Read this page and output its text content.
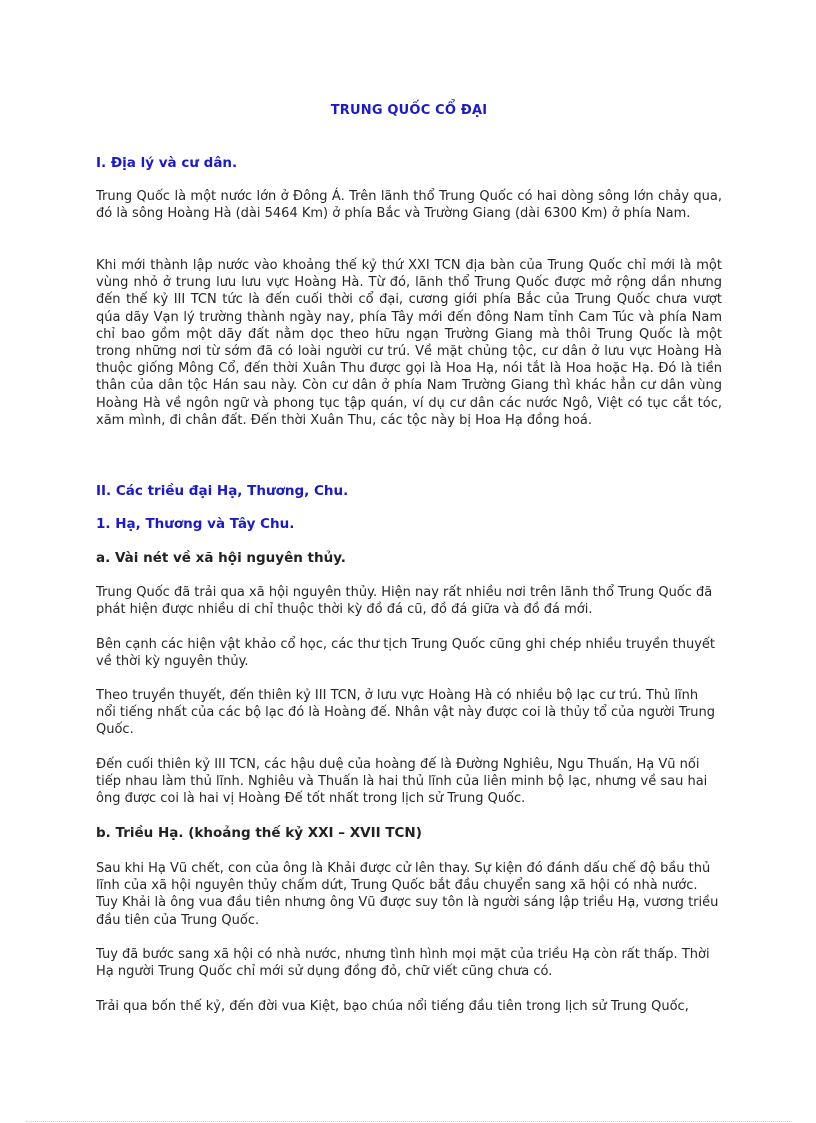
TRUNG QUỐC CỔ ĐẠI
I. Địa lý và cư dân.

Trung Quốc là một nước lớn ở Đông Á. Trên lãnh thổ Trung Quốc có hai dòng sông lớn chảy qua, đó là sông Hoàng Hà (dài 5464 Km) ở phía Bắc và Trường Giang (dài 6300 Km) ở phía Nam.

Khi mới thành lập nước vào khoảng thế kỷ thứ XXI TCN địa bàn của Trung Quốc chỉ mới là một vùng nhỏ ở trung lưu lưu vực Hoàng Hà. Từ đó, lãnh thổ Trung Quốc được mở rộng dần nhưng đến thế kỷ III TCN tức là đến cuối thời cổ đại, cương giới phía Bắc của Trung Quốc chưa vượt qúa dãy Vạn lý trường thành ngày nay, phía Tây mới đến đông Nam tỉnh Cam Túc và phía Nam chỉ bao gồm một dãy đất nằm dọc theo hữu ngạn Trường Giang mà thôi Trung Quốc là một trong những nơi từ sớm đã có loài người cư trú. Về mặt chủng tộc, cư dân ở lưu vực Hoàng Hà thuộc giống Mông Cổ, đến thời Xuân Thu được gọi là Hoa Hạ, nói tắt là Hoa hoặc Hạ. Đó là tiền thân của dân tộc Hán sau này. Còn cư dân ở phía Nam Trường Giang thì khác hẳn cư dân vùng Hoàng Hà về ngôn ngữ và phong tục tập quán, ví dụ cư dân các nước Ngô, Việt có tục cắt tóc, xăm mình, đi chân đất. Đến thời Xuân Thu, các tộc này bị Hoa Hạ đồng hoá.

II. Các triều đại Hạ, Thương, Chu.
1. Hạ, Thương và Tây Chu.
a. Vài nét về xã hội nguyên thủy.

Trung Quốc đã trải qua xã hội nguyên thủy. Hiện nay rất nhiều nơi trên lãnh thổ Trung Quốc đã phát hiện được nhiều di chỉ thuộc thời kỳ đồ đá cũ, đồ đá giữa và đồ đá mới.

Bên cạnh các hiện vật khảo cổ học, các thư tịch Trung Quốc cũng ghi chép nhiều truyền thuyết về thời kỳ nguyên thủy.

Theo truyền thuyết, đến thiên kỷ III TCN, ở lưu vực Hoàng Hà có nhiều bộ lạc cư trú. Thủ lĩnh nổi tiếng nhất của các bộ lạc đó là Hoàng đế. Nhân vật này được coi là thủy tổ của người Trung Quốc.

Đến cuối thiên kỷ III TCN, các hậu duệ của hoàng đế là Đường Nghiêu, Ngu Thuấn, Hạ Vũ nối tiếp nhau làm thủ lĩnh. Nghiêu và Thuấn là hai thủ lĩnh của liên minh bộ lạc, nhưng về sau hai ông được coi là hai vị Hoàng Đế tốt nhất trong lịch sử Trung Quốc.

b. Triều Hạ. (khoảng thế kỷ XXI – XVII TCN)

Sau khi Hạ Vũ chết, con của ông là Khải được cử lên thay. Sự kiện đó đánh dấu chế độ bầu thủ lĩnh của xã hội nguyên thủy chấm dứt, Trung Quốc bắt đầu chuyển sang xã hội có nhà nước. Tuy Khải là ông vua đầu tiên nhưng ông Vũ được suy tôn là người sáng lập triều Hạ, vương triều đầu tiên của Trung Quốc.

Tuy đã bước sang xã hội có nhà nước, nhưng tình hình mọi mặt của triều Hạ còn rất thấp. Thời Hạ người Trung Quốc chỉ mới sử dụng đồng đỏ, chữ viết cũng chưa có.

Trải qua bốn thế kỷ, đến đời vua Kiệt, bạo chúa nổi tiếng đầu tiên trong lịch sử Trung Quốc,
